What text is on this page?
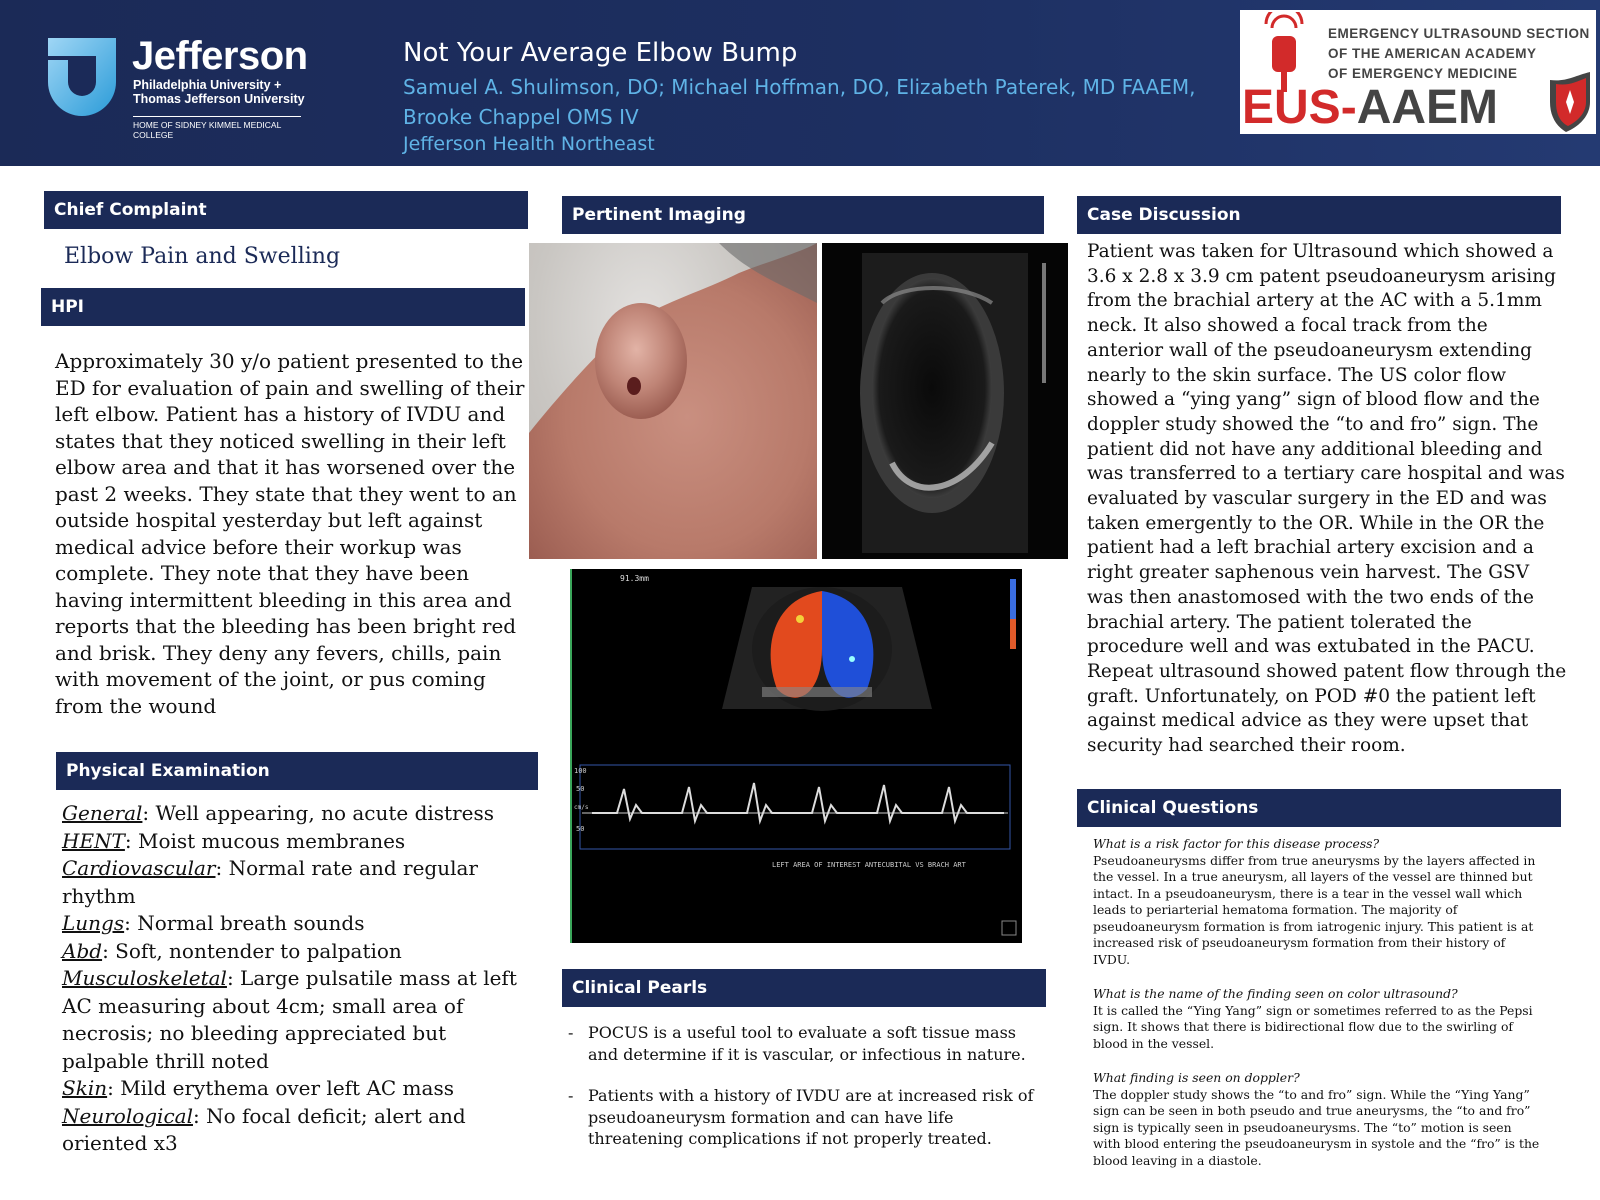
Jefferson
Philadelphia University +
Thomas Jefferson University
HOME OF SIDNEY KIMMEL MEDICAL COLLEGE
Not Your Average Elbow Bump
Samuel A. Shulimson, DO; Michael Hoffman, DO, Elizabeth Paterek, MD FAAEM, Brooke Chappel OMS IV
Jefferson Health Northeast
EMERGENCY ULTRASOUND SECTION
OF THE AMERICAN ACADEMY
OF EMERGENCY MEDICINE
EUS-AAEM
Chief Complaint
Elbow Pain and Swelling
HPI
Approximately 30 y/o patient presented to the ED for evaluation of pain and swelling of their left elbow. Patient has a history of IVDU and states that they noticed swelling in their left elbow area and that it has worsened over the past 2 weeks. They state that they went to an outside hospital yesterday but left against medical advice before their workup was complete. They note that they have been having intermittent bleeding in this area and reports that the bleeding has been bright red and brisk. They deny any fevers, chills, pain with movement of the joint, or pus coming from the wound
Physical Examination

General: Well appearing, no acute distress

HENT: Moist mucous membranes

Cardiovascular: Normal rate and regular rhythm

Lungs: Normal breath sounds

Abd: Soft, nontender to palpation

Musculoskeletal: Large pulsatile mass at left AC measuring about 4cm; small area of necrosis; no bleeding appreciated but palpable thrill noted

Skin: Mild erythema over left AC mass

Neurological: No focal deficit; alert and oriented x3

Pertinent Imaging
91.3mm
100
50
cm/s
50
LEFT AREA OF INTEREST ANTECUBITAL VS BRACH ART
Clinical Pearls
- POCUS is a useful tool to evaluate a soft tissue mass and determine if it is vascular, or infectious in nature.
- Patients with a history of IVDU are at increased risk of pseudoaneurysm formation and can have life threatening complications if not properly treated.
Case Discussion
Patient was taken for Ultrasound which showed a 3.6 x 2.8 x 3.9 cm patent pseudoaneurysm arising from the brachial artery at the AC with a 5.1mm neck. It also showed a focal track from the anterior wall of the pseudoaneurysm extending nearly to the skin surface. The US color flow showed a “ying yang” sign of blood flow and the doppler study showed the “to and fro” sign. The patient did not have any additional bleeding and was transferred to a tertiary care hospital and was evaluated by vascular surgery in the ED and was taken emergently to the OR. While in the OR the patient had a left brachial artery excision and a right greater saphenous vein harvest. The GSV was then anastomosed with the two ends of the brachial artery. The patient tolerated the procedure well and was extubated in the PACU. Repeat ultrasound showed patent flow through the graft. Unfortunately, on POD #0 the patient left against medical advice as they were upset that security had searched their room.
Clinical Questions

What is a risk factor for this disease process?

Pseudoaneurysms differ from true aneurysms by the layers affected in the vessel. In a true aneurysm, all layers of the vessel are thinned but intact. In a pseudoaneurysm, there is a tear in the vessel wall which leads to periarterial hematoma formation. The majority of pseudoaneurysm formation is from iatrogenic injury. This patient is at increased risk of pseudoaneurysm formation from their history of IVDU.

What is the name of the finding seen on color ultrasound?

It is called the “Ying Yang” sign or sometimes referred to as the Pepsi sign. It shows that there is bidirectional flow due to the swirling of blood in the vessel.

What finding is seen on doppler?

The doppler study shows the “to and fro” sign. While the “Ying Yang” sign can be seen in both pseudo and true aneurysms, the “to and fro” sign is typically seen in pseudoaneurysms. The “to” motion is seen with blood entering the pseudoaneurysm in systole and the “fro” is the blood leaving in a diastole.
